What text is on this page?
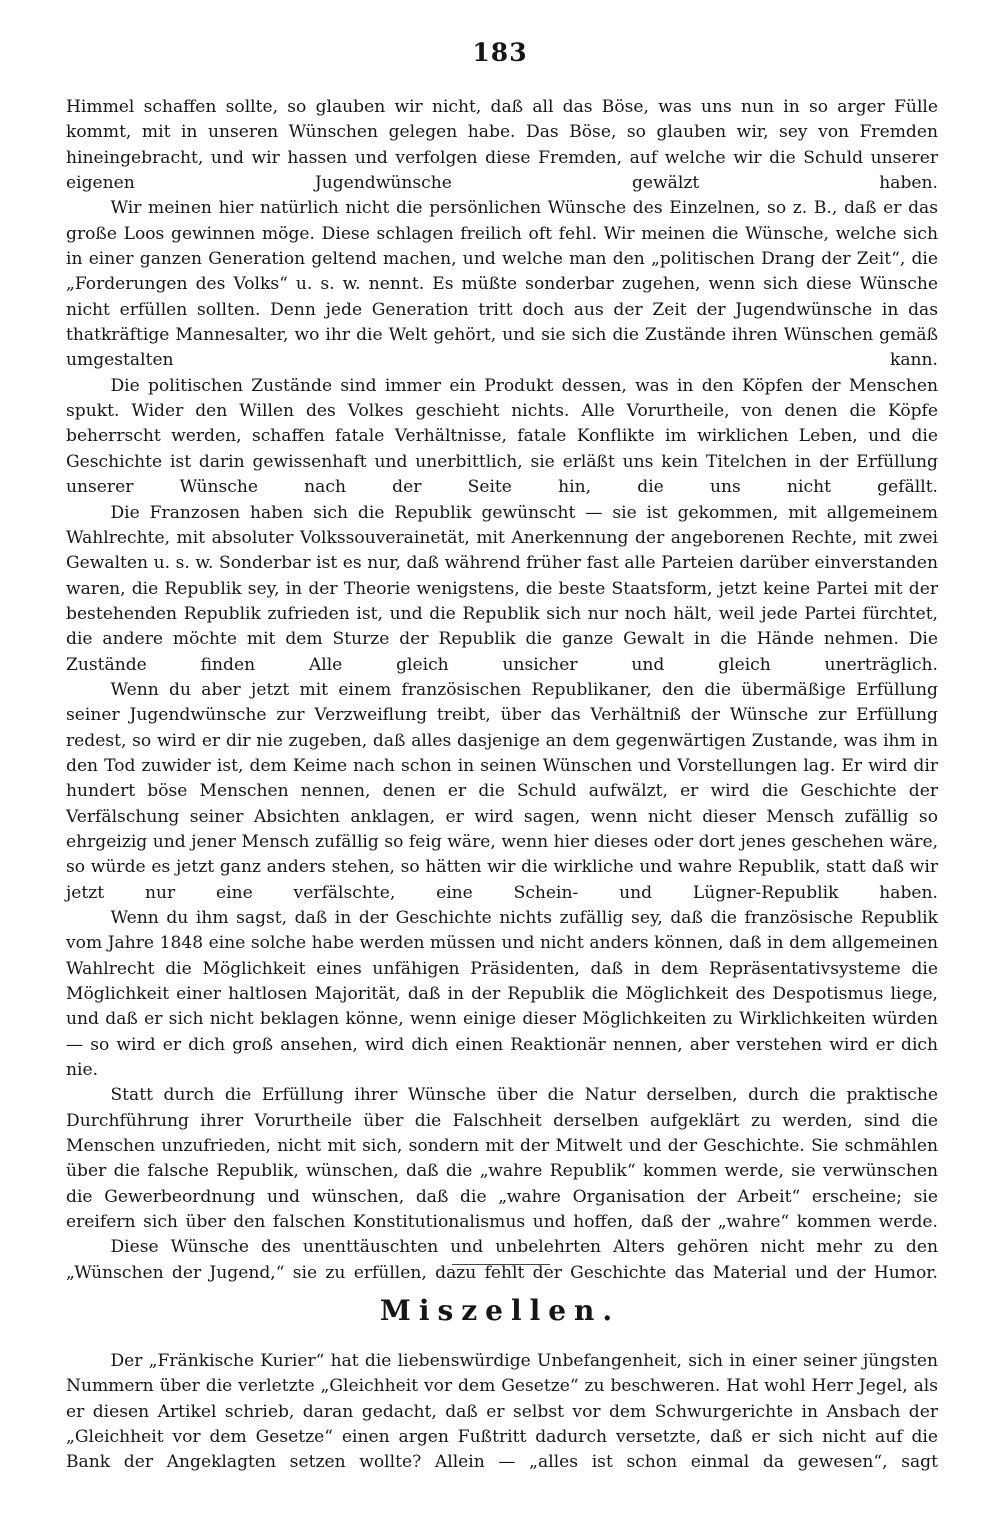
183

Himmel schaffen sollte, so glauben wir nicht, daß all das Böse, was uns nun in so arger Fülle kommt, mit in unseren Wünschen gelegen habe. Das Böse, so glauben wir, sey von Fremden hineingebracht, und wir hassen und verfolgen diese Fremden, auf welche wir die Schuld unserer eigenen Jugendwünsche gewälzt haben.

Wir meinen hier natürlich nicht die persönlichen Wünsche des Einzelnen, so z. B., daß er das große Loos gewinnen möge. Diese schlagen freilich oft fehl. Wir meinen die Wünsche, welche sich in einer ganzen Generation geltend machen, und welche man den „politischen Drang der Zeit“, die „Forderungen des Volks“ u. s. w. nennt. Es müßte sonderbar zugehen, wenn sich diese Wünsche nicht erfüllen sollten. Denn jede Generation tritt doch aus der Zeit der Jugendwünsche in das thatkräftige Mannesalter, wo ihr die Welt gehört, und sie sich die Zustände ihren Wünschen gemäß umgestalten kann.

Die politischen Zustände sind immer ein Produkt dessen, was in den Köpfen der Menschen spukt. Wider den Willen des Volkes geschieht nichts. Alle Vorurtheile, von denen die Köpfe beherrscht werden, schaffen fatale Verhältnisse, fatale Konflikte im wirklichen Leben, und die Geschichte ist darin gewissenhaft und unerbittlich, sie erläßt uns kein Titelchen in der Erfüllung unserer Wünsche nach der Seite hin, die uns nicht gefällt.

Die Franzosen haben sich die Republik gewünscht — sie ist gekommen, mit allgemeinem Wahlrechte, mit absoluter Volkssouverainetät, mit Anerkennung der angeborenen Rechte, mit zwei Gewalten u. s. w. Sonderbar ist es nur, daß während früher fast alle Parteien darüber einverstanden waren, die Republik sey, in der Theorie wenigstens, die beste Staatsform, jetzt keine Partei mit der bestehenden Republik zufrieden ist, und die Republik sich nur noch hält, weil jede Partei fürchtet, die andere möchte mit dem Sturze der Republik die ganze Gewalt in die Hände nehmen. Die Zustände finden Alle gleich unsicher und gleich unerträglich.

Wenn du aber jetzt mit einem französischen Republikaner, den die übermäßige Erfüllung seiner Jugendwünsche zur Verzweiflung treibt, über das Verhältniß der Wünsche zur Erfüllung redest, so wird er dir nie zugeben, daß alles dasjenige an dem gegenwärtigen Zustande, was ihm in den Tod zuwider ist, dem Keime nach schon in seinen Wünschen und Vorstellungen lag. Er wird dir hundert böse Menschen nennen, denen er die Schuld aufwälzt, er wird die Geschichte der Verfälschung seiner Absichten anklagen, er wird sagen, wenn nicht dieser Mensch zufällig so ehrgeizig und jener Mensch zufällig so feig wäre, wenn hier dieses oder dort jenes geschehen wäre, so würde es jetzt ganz anders stehen, so hätten wir die wirkliche und wahre Republik, statt daß wir jetzt nur eine verfälschte, eine Schein- und Lügner-Republik haben.

Wenn du ihm sagst, daß in der Geschichte nichts zufällig sey, daß die französische Republik vom Jahre 1848 eine solche habe werden müssen und nicht anders können, daß in dem allgemeinen Wahlrecht die Möglichkeit eines unfähigen Präsidenten, daß in dem Repräsentativsysteme die Möglichkeit einer haltlosen Majorität, daß in der Republik die Möglichkeit des Despotismus liege, und daß er sich nicht beklagen könne, wenn einige dieser Möglichkeiten zu Wirklichkeiten würden — so wird er dich groß ansehen, wird dich einen Reaktionär nennen, aber verstehen wird er dich nie.

Statt durch die Erfüllung ihrer Wünsche über die Natur derselben, durch die praktische Durchführung ihrer Vorurtheile über die Falschheit derselben aufgeklärt zu werden, sind die Menschen unzufrieden, nicht mit sich, sondern mit der Mitwelt und der Geschichte. Sie schmählen über die falsche Republik, wünschen, daß die „wahre Republik“ kommen werde, sie verwünschen die Gewerbeordnung und wünschen, daß die „wahre Organisation der Arbeit“ erscheine; sie ereifern sich über den falschen Konstitutionalismus und hoffen, daß der „wahre“ kommen werde.

Diese Wünsche des unenttäuschten und unbelehrten Alters gehören nicht mehr zu den „Wünschen der Jugend,“ sie zu erfüllen, dazu fehlt der Geschichte das Material und der Humor.

Miszellen.

Der „Fränkische Kurier“ hat die liebenswürdige Unbefangenheit, sich in einer seiner jüngsten Nummern über die verletzte „Gleichheit vor dem Gesetze“ zu beschweren. Hat wohl Herr Jegel, als er diesen Artikel schrieb, daran gedacht, daß er selbst vor dem Schwurgerichte in Ansbach der „Gleichheit vor dem Gesetze“ einen argen Fußtritt dadurch versetzte, daß er sich nicht auf die Bank der Angeklagten setzen wollte? Allein — „alles ist schon einmal da gewesen“, sagt
